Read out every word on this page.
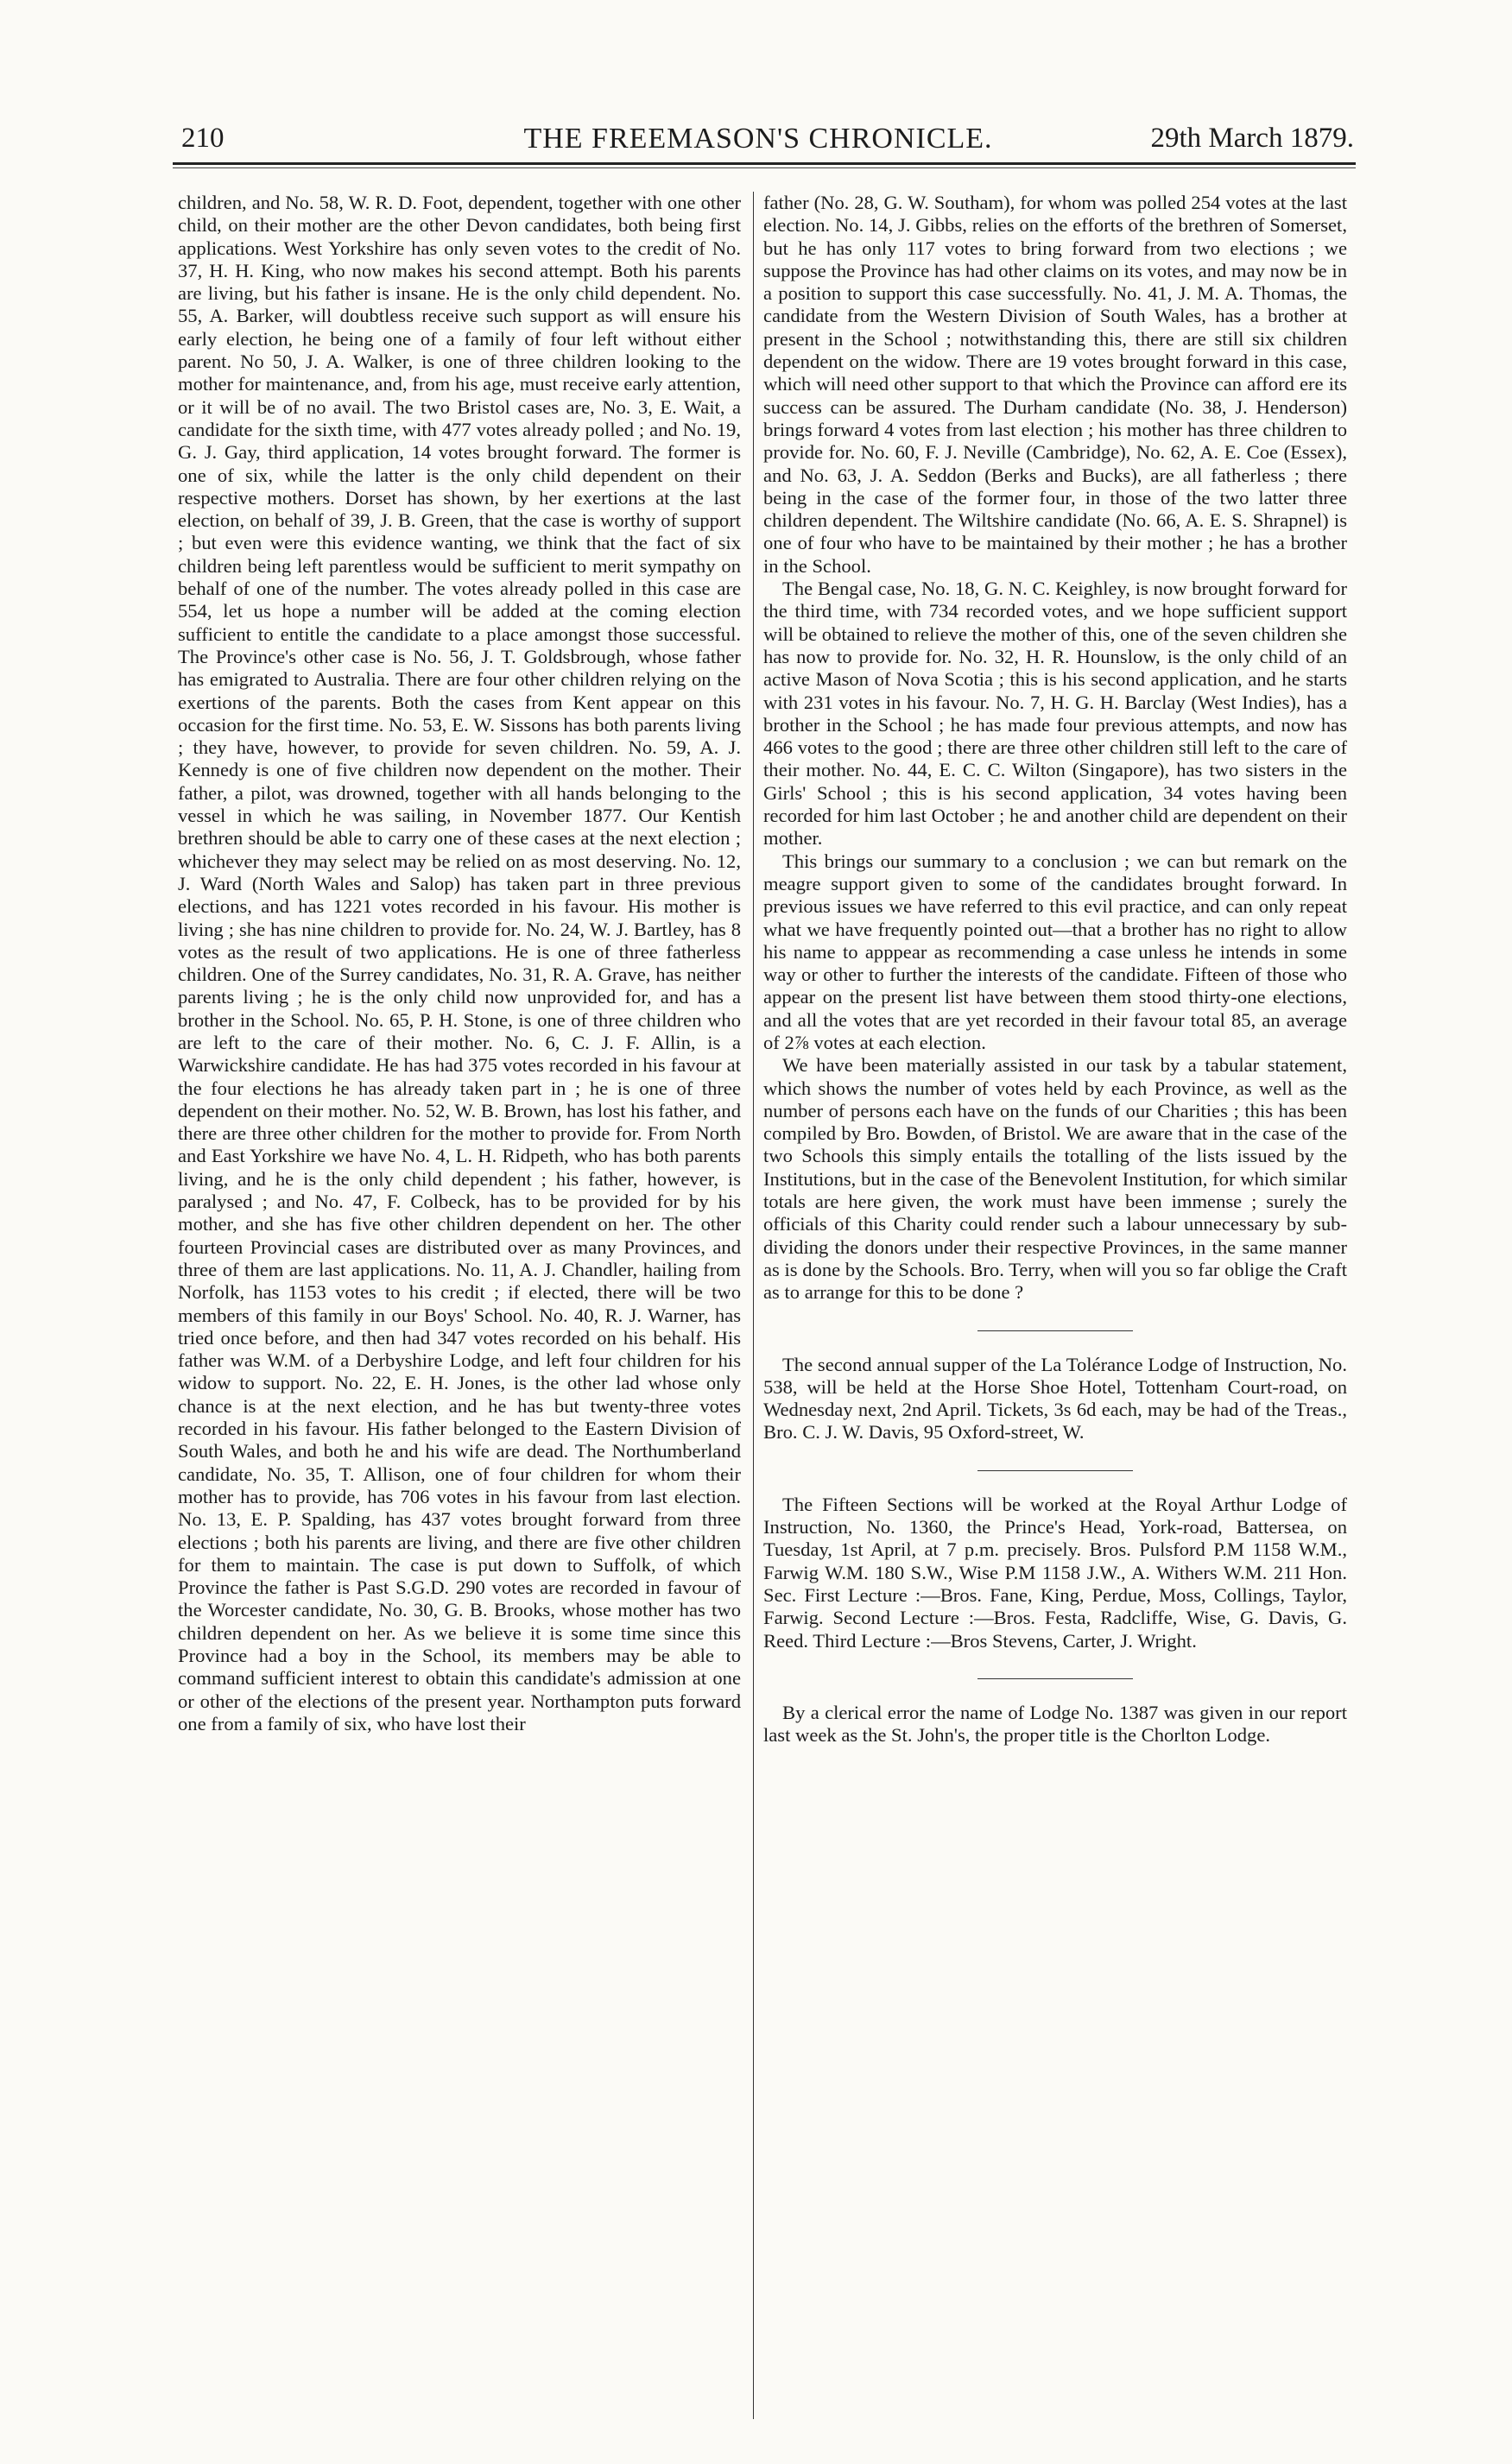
210	THE FREEMASON'S CHRONICLE.	29th March 1879.

children, and No. 58, W. R. D. Foot, dependent, together with one other child, on their mother are the other Devon candidates, both being first applications. West Yorkshire has only seven votes to the credit of No. 37, H. H. King, who now makes his second attempt. Both his parents are living, but his father is insane. He is the only child dependent. No. 55, A. Barker, will doubtless receive such support as will ensure his early election, he being one of a family of four left without either parent. No 50, J. A. Walker, is one of three children looking to the mother for maintenance, and, from his age, must receive early attention, or it will be of no avail. The two Bristol cases are, No. 3, E. Wait, a candidate for the sixth time, with 477 votes already polled ; and No. 19, G. J. Gay, third application, 14 votes brought forward. The former is one of six, while the latter is the only child dependent on their respective mothers. Dorset has shown, by her exertions at the last election, on behalf of 39, J. B. Green, that the case is worthy of support ; but even were this evidence wanting, we think that the fact of six children being left parentless would be sufficient to merit sympathy on behalf of one of the number. The votes already polled in this case are 554, let us hope a number will be added at the coming election sufficient to entitle the candidate to a place amongst those successful. The Province's other case is No. 56, J. T. Goldsbrough, whose father has emigrated to Australia. There are four other children relying on the exertions of the parents. Both the cases from Kent appear on this occasion for the first time. No. 53, E. W. Sissons has both parents living ; they have, however, to provide for seven children. No. 59, A. J. Kennedy is one of five children now dependent on the mother. Their father, a pilot, was drowned, together with all hands belonging to the vessel in which he was sailing, in November 1877. Our Kentish brethren should be able to carry one of these cases at the next election ; whichever they may select may be relied on as most deserving. No. 12, J. Ward (North Wales and Salop) has taken part in three previous elections, and has 1221 votes recorded in his favour. His mother is living ; she has nine children to provide for. No. 24, W. J. Bartley, has 8 votes as the result of two applications. He is one of three fatherless children. One of the Surrey candidates, No. 31, R. A. Grave, has neither parents living ; he is the only child now unprovided for, and has a brother in the School. No. 65, P. H. Stone, is one of three children who are left to the care of their mother. No. 6, C. J. F. Allin, is a Warwickshire candidate. He has had 375 votes recorded in his favour at the four elections he has already taken part in ; he is one of three dependent on their mother. No. 52, W. B. Brown, has lost his father, and there are three other children for the mother to provide for. From North and East Yorkshire we have No. 4, L. H. Ridpeth, who has both parents living, and he is the only child dependent ; his father, however, is paralysed ; and No. 47, F. Colbeck, has to be provided for by his mother, and she has five other children dependent on her. The other fourteen Provincial cases are distributed over as many Provinces, and three of them are last applications. No. 11, A. J. Chandler, hailing from Norfolk, has 1153 votes to his credit ; if elected, there will be two members of this family in our Boys' School. No. 40, R. J. Warner, has tried once before, and then had 347 votes recorded on his behalf. His father was W.M. of a Derbyshire Lodge, and left four children for his widow to support. No. 22, E. H. Jones, is the other lad whose only chance is at the next election, and he has but twenty-three votes recorded in his favour. His father belonged to the Eastern Division of South Wales, and both he and his wife are dead. The Northumberland candidate, No. 35, T. Allison, one of four children for whom their mother has to provide, has 706 votes in his favour from last election. No. 13, E. P. Spalding, has 437 votes brought forward from three elections ; both his parents are living, and there are five other children for them to maintain. The case is put down to Suffolk, of which Province the father is Past S.G.D. 290 votes are recorded in favour of the Worcester candidate, No. 30, G. B. Brooks, whose mother has two children dependent on her. As we believe it is some time since this Province had a boy in the School, its members may be able to command sufficient interest to obtain this candidate's admission at one or other of the elections of the present year. Northampton puts forward one from a family of six, who have lost their

father (No. 28, G. W. Southam), for whom was polled 254 votes at the last election. No. 14, J. Gibbs, relies on the efforts of the brethren of Somerset, but he has only 117 votes to bring forward from two elections ; we suppose the Province has had other claims on its votes, and may now be in a position to support this case successfully. No. 41, J. M. A. Thomas, the candidate from the Western Division of South Wales, has a brother at present in the School ; notwithstanding this, there are still six children dependent on the widow. There are 19 votes brought forward in this case, which will need other support to that which the Province can afford ere its success can be assured. The Durham candidate (No. 38, J. Henderson) brings forward 4 votes from last election ; his mother has three children to provide for. No. 60, F. J. Neville (Cambridge), No. 62, A. E. Coe (Essex), and No. 63, J. A. Seddon (Berks and Bucks), are all fatherless ; there being in the case of the former four, in those of the two latter three children dependent. The Wiltshire candidate (No. 66, A. E. S. Shrapnel) is one of four who have to be maintained by their mother ; he has a brother in the School.

The Bengal case, No. 18, G. N. C. Keighley, is now brought forward for the third time, with 734 recorded votes, and we hope sufficient support will be obtained to relieve the mother of this, one of the seven children she has now to provide for. No. 32, H. R. Hounslow, is the only child of an active Mason of Nova Scotia ; this is his second application, and he starts with 231 votes in his favour. No. 7, H. G. H. Barclay (West Indies), has a brother in the School ; he has made four previous attempts, and now has 466 votes to the good ; there are three other children still left to the care of their mother. No. 44, E. C. C. Wilton (Singapore), has two sisters in the Girls' School ; this is his second application, 34 votes having been recorded for him last October ; he and another child are dependent on their mother.

This brings our summary to a conclusion ; we can but remark on the meagre support given to some of the candidates brought forward. In previous issues we have referred to this evil practice, and can only repeat what we have frequently pointed out—that a brother has no right to allow his name to apppear as recommending a case unless he intends in some way or other to further the interests of the candidate. Fifteen of those who appear on the present list have between them stood thirty-one elections, and all the votes that are yet recorded in their favour total 85, an average of 2⅞ votes at each election.

We have been materially assisted in our task by a tabular statement, which shows the number of votes held by each Province, as well as the number of persons each have on the funds of our Charities ; this has been compiled by Bro. Bowden, of Bristol. We are aware that in the case of the two Schools this simply entails the totalling of the lists issued by the Institutions, but in the case of the Benevolent Institution, for which similar totals are here given, the work must have been immense ; surely the officials of this Charity could render such a labour unnecessary by sub-dividing the donors under their respective Provinces, in the same manner as is done by the Schools. Bro. Terry, when will you so far oblige the Craft as to arrange for this to be done ?

The second annual supper of the La Tolérance Lodge of Instruction, No. 538, will be held at the Horse Shoe Hotel, Tottenham Court-road, on Wednesday next, 2nd April. Tickets, 3s 6d each, may be had of the Treas., Bro. C. J. W. Davis, 95 Oxford-street, W.

The Fifteen Sections will be worked at the Royal Arthur Lodge of Instruction, No. 1360, the Prince's Head, York-road, Battersea, on Tuesday, 1st April, at 7 p.m. precisely. Bros. Pulsford P.M 1158 W.M., Farwig W.M. 180 S.W., Wise P.M 1158 J.W., A. Withers W.M. 211 Hon. Sec. First Lecture :—Bros. Fane, King, Perdue, Moss, Collings, Taylor, Farwig. Second Lecture :—Bros. Festa, Radcliffe, Wise, G. Davis, G. Reed. Third Lecture :—Bros Stevens, Carter, J. Wright.

By a clerical error the name of Lodge No. 1387 was given in our report last week as the St. John's, the proper title is the Chorlton Lodge.
